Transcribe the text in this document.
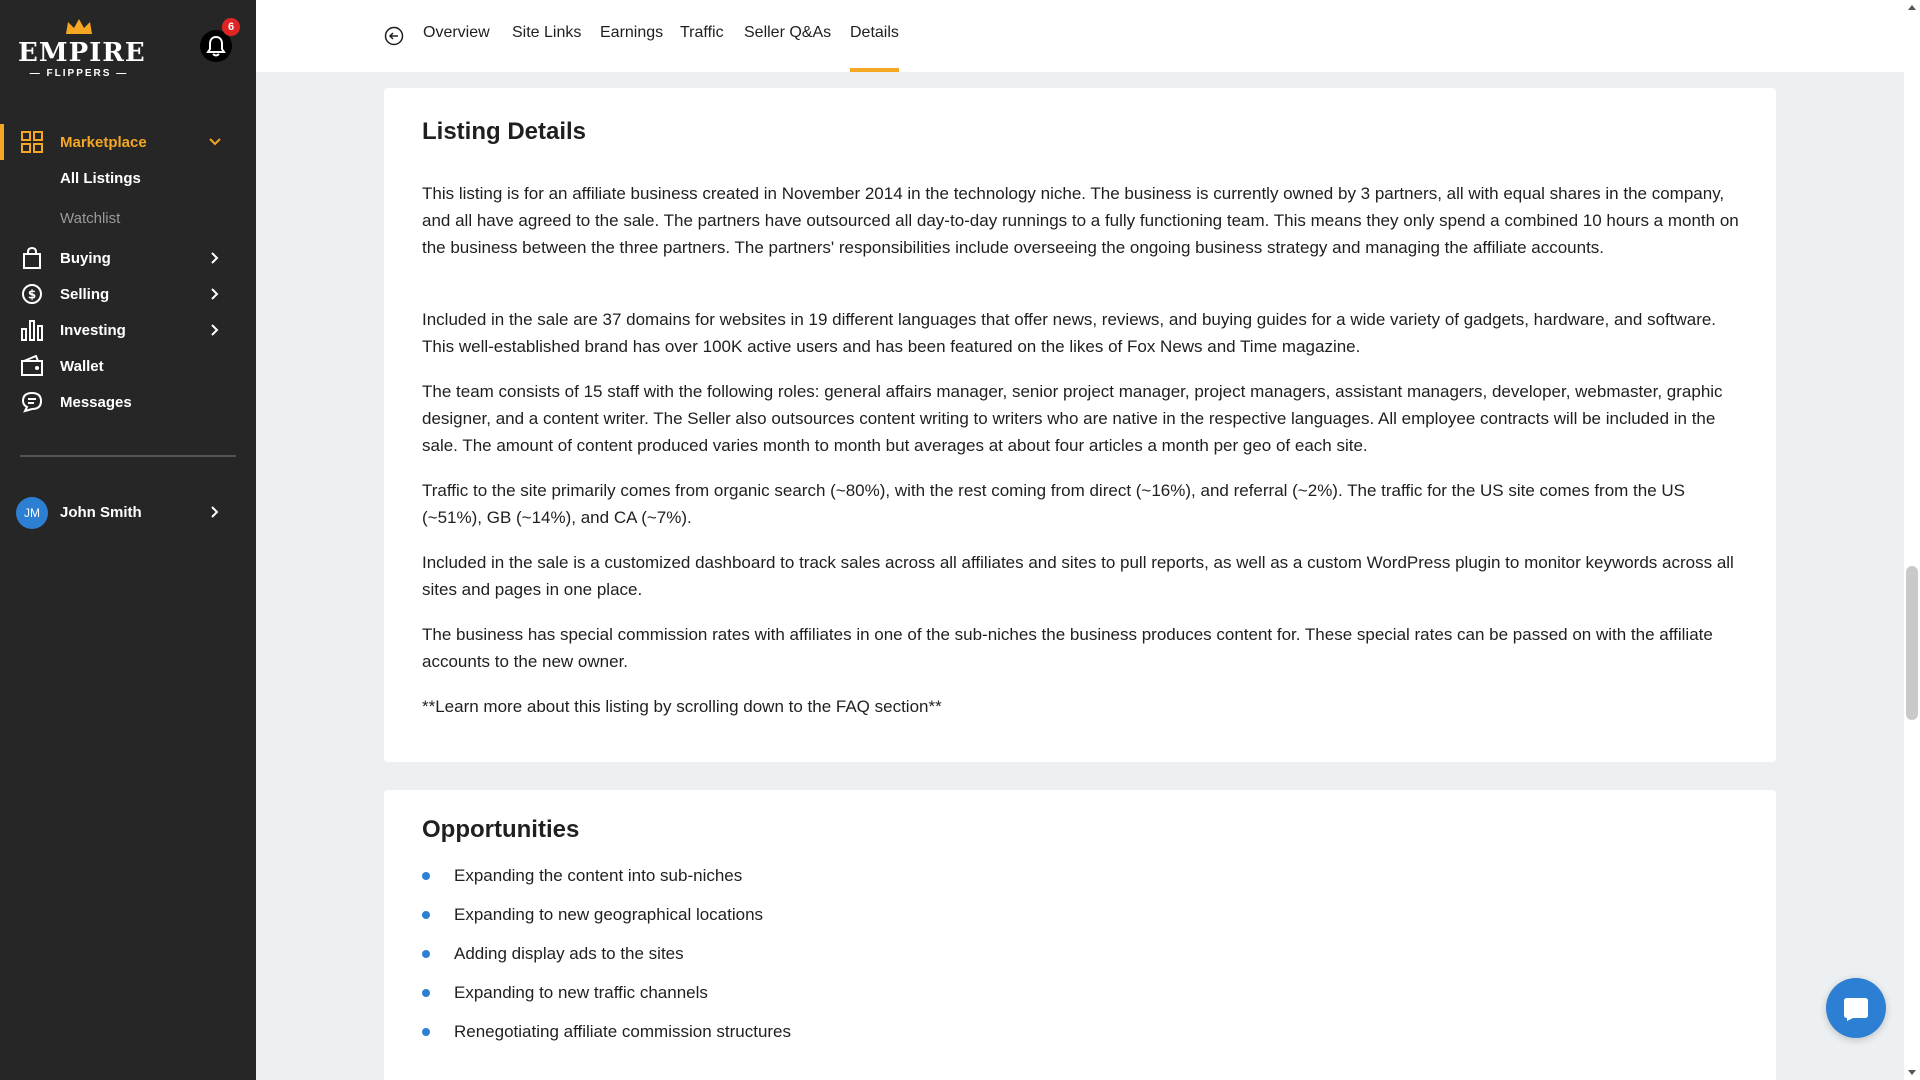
EMPIRE
— FLIPPERS —
6
Marketplace
All Listings
Watchlist
Buying
$ Selling
Investing
Wallet
Messages
JM	John Smith
Overview Site Links Earnings Traffic Seller Q&As Details
Listing Details

This listing is for an affiliate business created in November 2014 in the technology niche. The business is currently owned by 3 partners, all with equal shares in the company, and all have agreed to the sale. The partners have outsourced all day-to-day runnings to a fully functioning team. This means they only spend a combined 10 hours a month on the business between the three partners. The partners' responsibilities include overseeing the ongoing business strategy and managing the affiliate accounts.

Included in the sale are 37 domains for websites in 19 different languages that offer news, reviews, and buying guides for a wide variety of gadgets, hardware, and software. This well-established brand has over 100K active users and has been featured on the likes of Fox News and Time magazine.

The team consists of 15 staff with the following roles: general affairs manager, senior project manager, project managers, assistant managers, developer, webmaster, graphic designer, and a content writer. The Seller also outsources content writing to writers who are native in the respective languages. All employee contracts will be included in the sale. The amount of content produced varies month to month but averages at about four articles a month per geo of each site.

Traffic to the site primarily comes from organic search (~80%), with the rest coming from direct (~16%), and referral (~2%). The traffic for the US site comes from the US (~51%), GB (~14%), and CA (~7%).

Included in the sale is a customized dashboard to track sales across all affiliates and sites to pull reports, as well as a custom WordPress plugin to monitor keywords across all sites and pages in one place.

The business has special commission rates with affiliates in one of the sub-niches the business produces content for. These special rates can be passed on with the affiliate accounts to the new owner.

**Learn more about this listing by scrolling down to the FAQ section**

Opportunities
Expanding the content into sub-niches
Expanding to new geographical locations
Adding display ads to the sites
Expanding to new traffic channels
Renegotiating affiliate commission structures
